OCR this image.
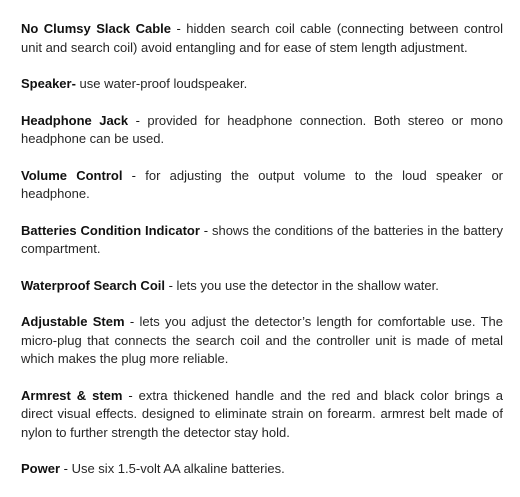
No Clumsy Slack Cable - hidden search coil cable (connecting between control unit and search coil) avoid entangling and for ease of stem length adjustment.

Speaker- use water-proof loudspeaker.

Headphone Jack - provided for headphone connection. Both stereo or mono headphone can be used.

Volume Control - for adjusting the output volume to the loud speaker or headphone.

Batteries Condition Indicator - shows the conditions of the batteries in the battery compartment.

Waterproof Search Coil - lets you use the detector in the shallow water.

Adjustable Stem - lets you adjust the detector’s length for comfortable use. The micro-plug that connects the search coil and the controller unit is made of metal which makes the plug more reliable.

Armrest & stem - extra thickened handle and the red and black color brings a direct visual effects. designed to eliminate strain on forearm. armrest belt made of nylon to further strength the detector stay hold.

Power - Use six 1.5-volt AA alkaline batteries.
